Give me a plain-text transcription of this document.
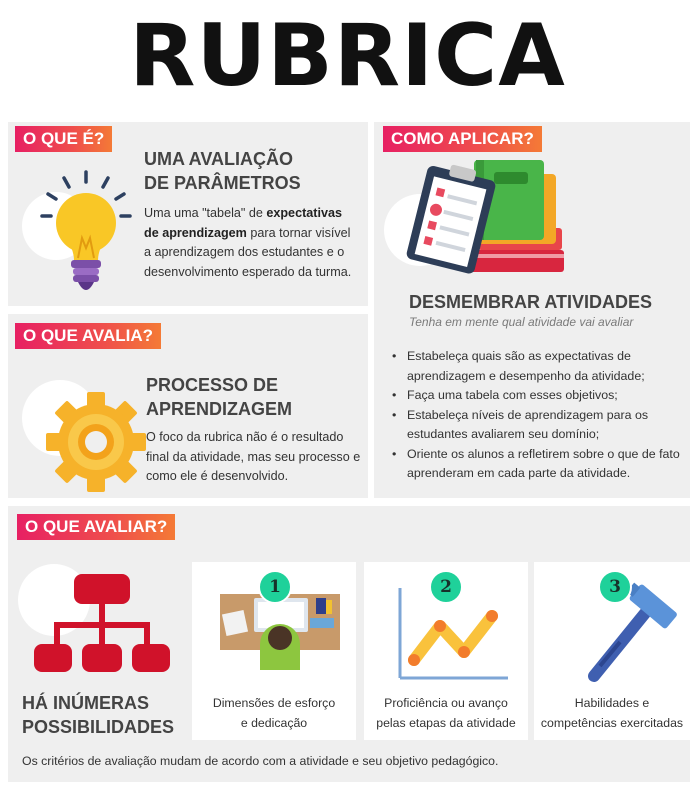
RUBRICA
O QUE É?
UMA AVALIAÇÃO
DE PARÂMETROS
Uma uma "tabela" de expectativas
de aprendizagem para tornar visível
a aprendizagem dos estudantes e o
desenvolvimento esperado da turma.
O QUE AVALIA?
PROCESSO DE
APRENDIZAGEM
O foco da rubrica não é o resultado
final da atividade, mas seu processo e
como ele é desenvolvido.
COMO APLICAR?
DESMEMBRAR ATIVIDADES
Tenha em mente qual atividade vai avaliar
• Estabeleça quais são as expectativas de
aprendizagem e desempenho da atividade;
• Faça uma tabela com esses objetivos;
• Estabeleça níveis de aprendizagem para os
estudantes avaliarem seu domínio;
• Oriente os alunos a refletirem sobre o que de fato
aprenderam em cada parte da atividade.
O QUE AVALIAR?
HÁ INÚMERAS
POSSIBILIDADES
1
Dimensões de esforço
e dedicação
2
Proficiência ou avanço
pelas etapas da atividade
3
Habilidades e
competências exercitadas
Os critérios de avaliação mudam de acordo com a atividade e seu objetivo pedagógico.
